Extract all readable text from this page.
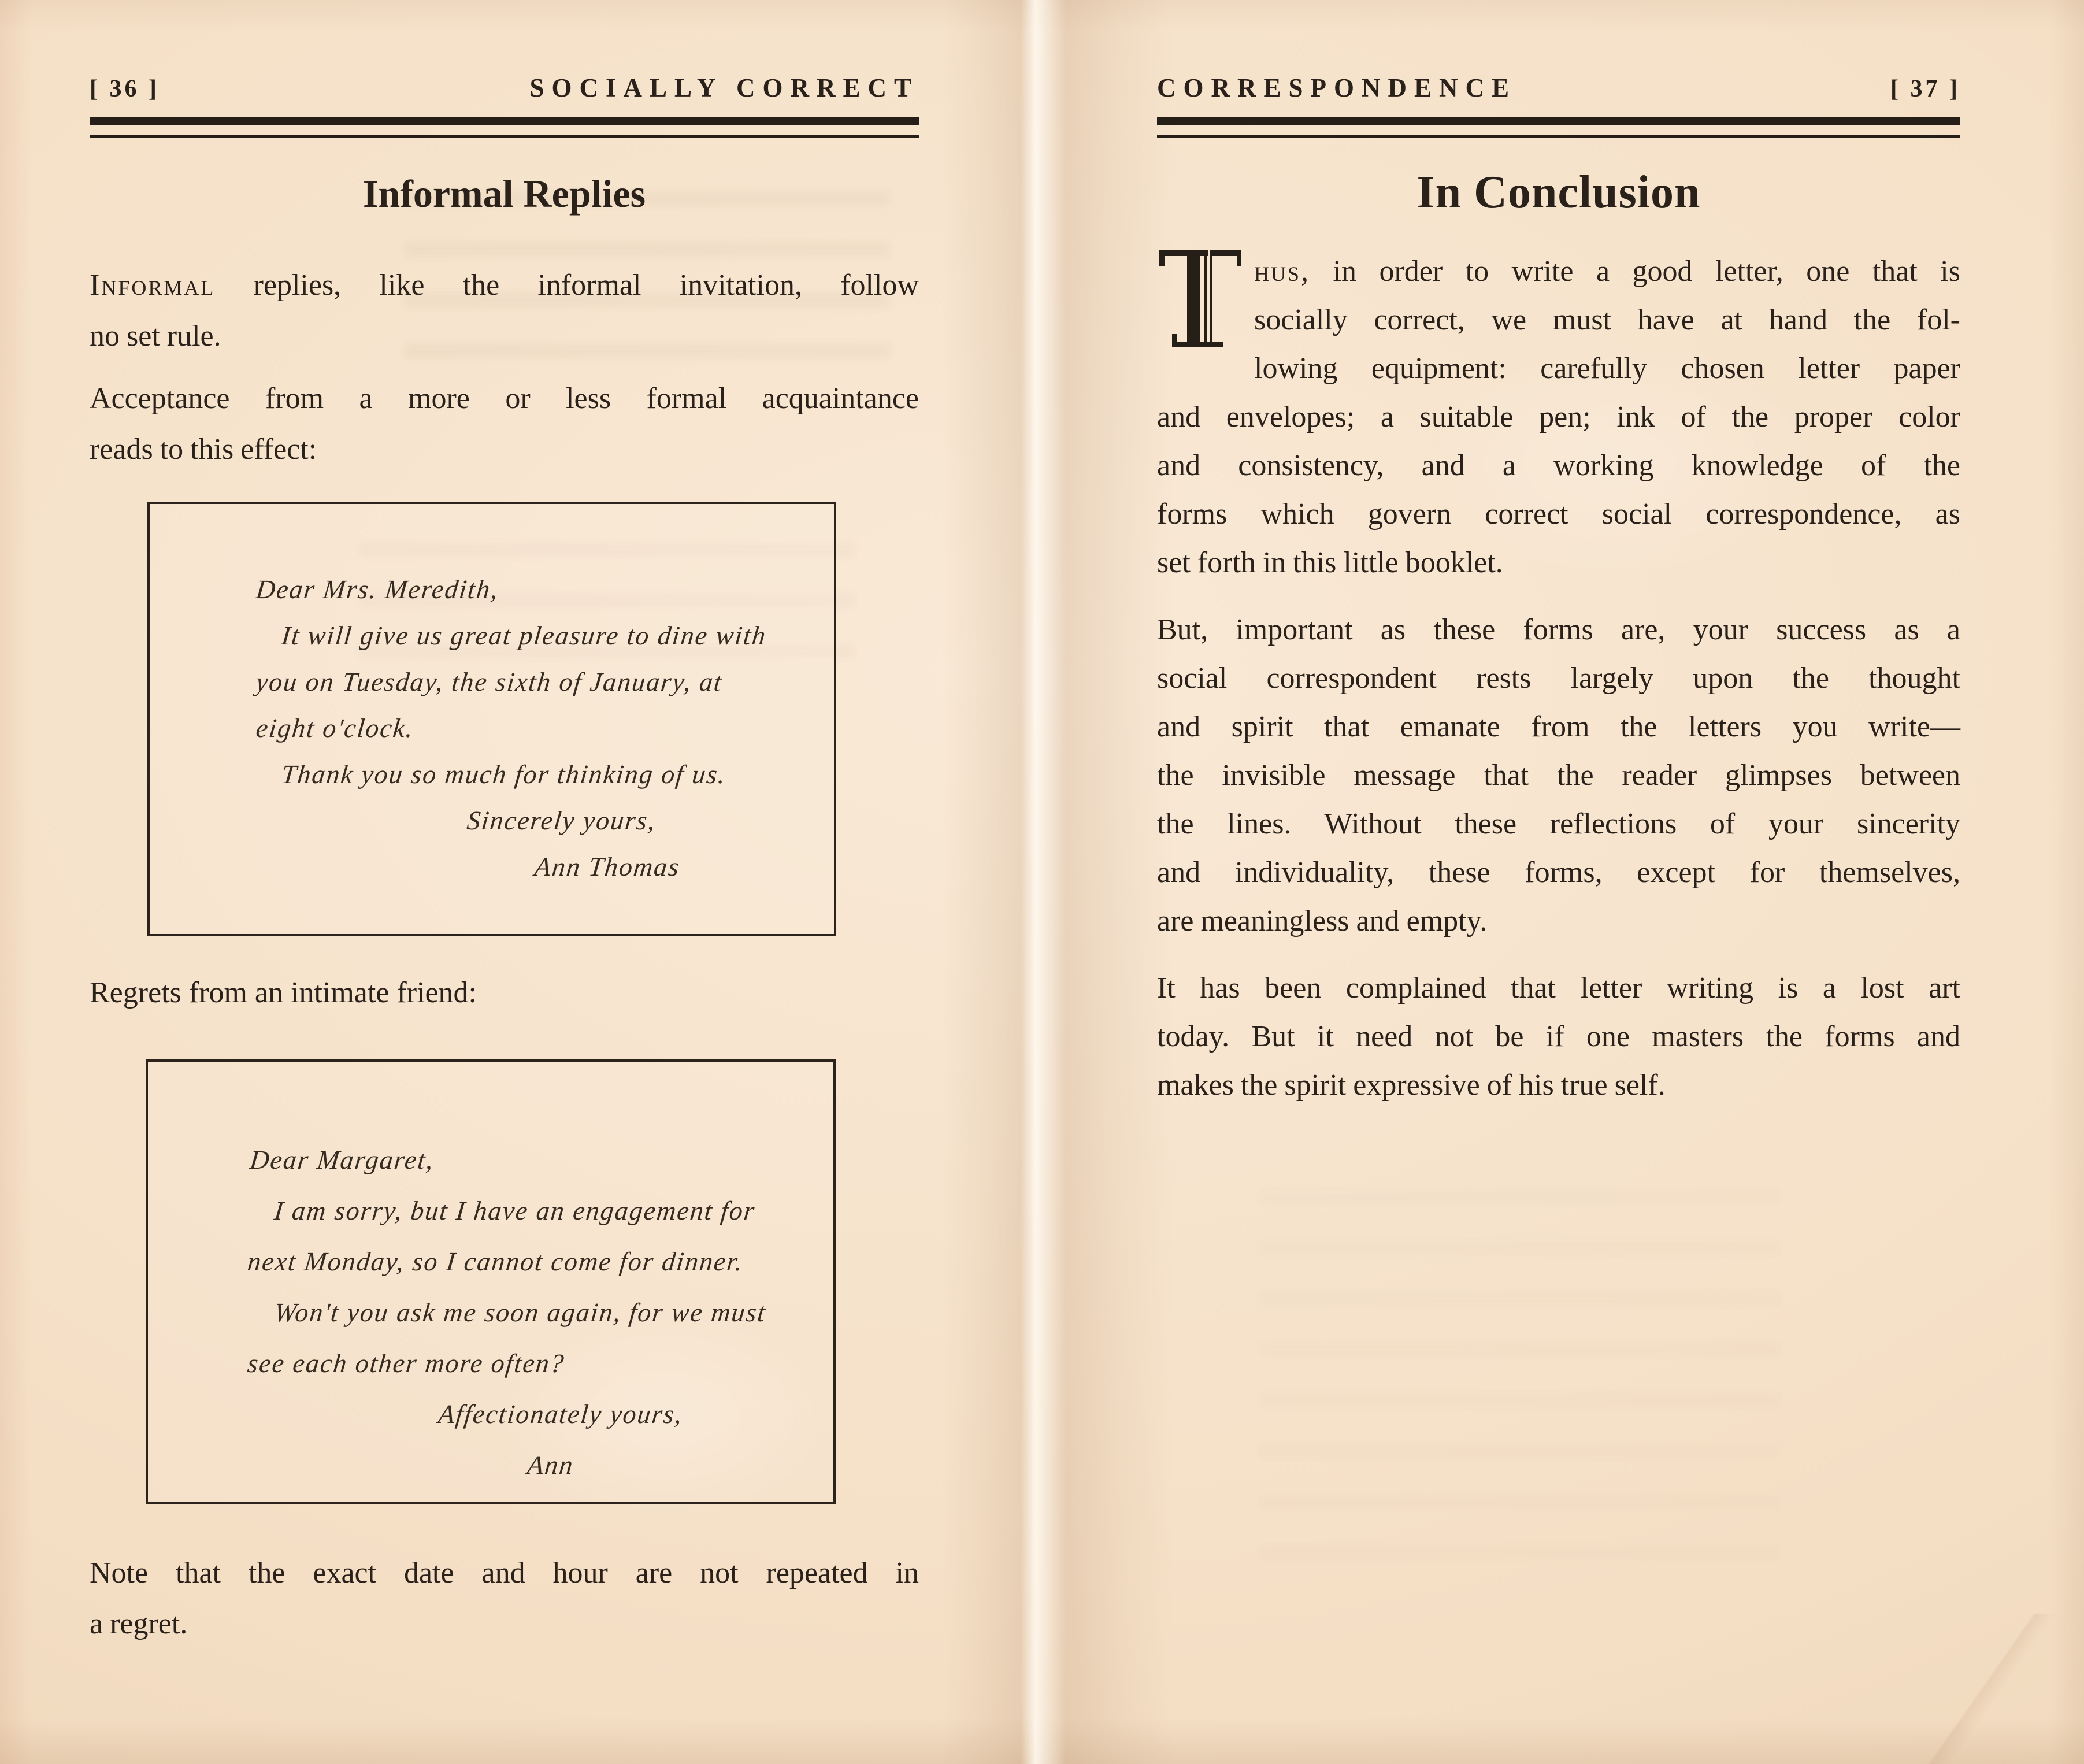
[ 36 ]	SOCIALLY CORRECT
Informal Replies
Informal replies, like the informal invitation, follow
no set rule.
Acceptance from a more or less formal acquaintance
reads to this effect:
Dear Mrs. Meredith,
It will give us great pleasure to dine with
you on Tuesday, the sixth of January, at
eight o'clock.
Thank you so much for thinking of us.
Sincerely yours,
Ann Thomas
Regrets from an intimate friend:
Dear Margaret,
I am sorry, but I have an engagement for
next Monday, so I cannot come for dinner.
Won't you ask me soon again, for we must
see each other more often?
Affectionately yours,
Ann
Note that the exact date and hour are not repeated in
a regret.
CORRESPONDENCE	[ 37 ]
In Conclusion
hus, in order to write a good letter, one that is
socially correct, we must have at hand the fol-
lowing equipment: carefully chosen letter paper
and envelopes; a suitable pen; ink of the proper color
and consistency, and a working knowledge of the
forms which govern correct social correspondence, as
set forth in this little booklet.
But, important as these forms are, your success as a
social correspondent rests largely upon the thought
and spirit that emanate from the letters you write—
the invisible message that the reader glimpses between
the lines. Without these reflections of your sincerity
and individuality, these forms, except for themselves,
are meaningless and empty.
It has been complained that letter writing is a lost art
today. But it need not be if one masters the forms and
makes the spirit expressive of his true self.
